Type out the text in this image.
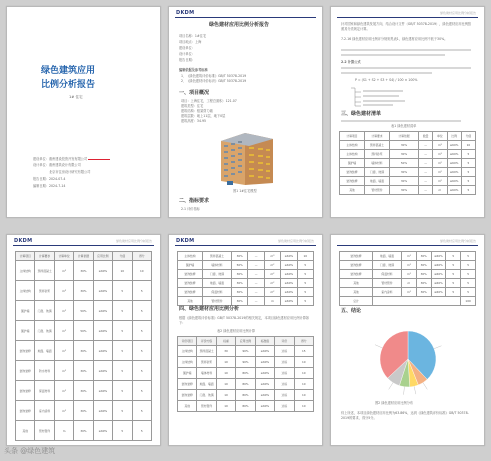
绿色建筑应用
比例分析报告
1# 住宅
建设单位：惠州建设投资开发有限公司
设计单位：惠州建筑设计有限公司
北京市住房设计研究有限公司
报告日期：2024-07-4
编制日期：2024-7-14
DKDM
绿色建材应用比例分析报告
项目名称：1#住宅
项目地点：上海
建设单位：
设计单位：
报告日期：
编制依据及参考标准
1、《绿色建筑评价标准》GB/T 50378-2019
2、《绿色建材评价标识》GB/T 50378-2019
一、项目概况
项目：上海住宅，工程总面积：121.07
建筑类型：住宅
建筑结构：框架剪力墙
建筑层数：地上11层，地下0层
建筑高度：34.95
图1 1#住宅模型
二、指标要求
2.1 评价指标
绿色建材应用比例分析报告
针对国家和绿色建筑发展方向，结合设计文件（GB/T 50378-2019），绿色建材应用比例按照其分类规定计算。
7.2.16 绿色建材应用比例评分规则见表1，绿色建材应用比例不低于30%。
2.2 计算公式
P = (S1 + S2 + S3 + S4) / 100 × 100%
三、绿色建材清单
表1 绿色建材清单
计算项目	计算要求	计算依据	数量	单位	比例	分值
主体结构	预拌混凝土	30%	—	m³	≥60%	10
主体结构	预拌砂浆	30%	—	m³	≥60%	5
围护墙	墙体材料	50%	—	m²	≥60%	5
装饰装修	门窗、玻璃	30%	—	m²	≥60%	5
装饰装修	地面、墙面	30%	—	m²	≥60%	5
其他	管材管件	30%	—	m	≥60%	5
DKDM	绿色建材应用比例分析报告
计算项目	计算要求	计算单位	计算依据	应用比例	分值	得分
主体结构	预拌混凝土	m³	30%	≥60%	10	10
主体结构	预拌砂浆	m³	30%	≥60%	5	5
围护墙	门窗、玻璃	m²	50%	≥60%	5	5
围护墙	门窗、玻璃	m²	50%	≥60%	5	5
装饰装修	地面、墙面	m²	30%	≥60%	5	5
装饰装修	防水材料	m²	30%	≥60%	5	5
装饰装修	保温材料	m²	30%	≥60%	5	5
装饰装修	室内涂料	m²	30%	≥60%	5	5
其他	管材管件	m	30%	≥60%	5	5
DKDM	绿色建材应用比例分析报告
主体结构	预拌混凝土	30%	—	m³	≥60%	10
围护墙	墙体材料	50%	—	m²	≥60%	5
装饰装修	门窗、玻璃	30%	—	m²	≥60%	5
装饰装修	地面、墙面	30%	—	m²	≥60%	5
装饰装修	保温材料	30%	—	m²	≥60%	5
其他	管材管件	30%	—	m	≥60%	5
四、绿色建材应用比例分析
根据《绿色建筑评价标准》GB/T 50378-2019的相关规定，本项目绿色建材应用比例计算如下：
表2 绿色建材应用比例计算
评价项目	评价内容	权重	应用比例	标准值	评价	得分
主体结构	预拌混凝土	30	90%	≥60%	达标	15
主体结构	预拌砂浆	10	90%	≥60%	达标	10
围护墙	墙体材料	10	80%	≥60%	达标	10
装饰装修	地面、墙面	10	80%	≥60%	达标	10
装饰装修	门窗、玻璃	10	80%	≥60%	达标	10
其他	管材管件	10	80%	≥60%	达标	10
绿色建材应用比例分析报告
装饰装修	地面、墙面	m²	30%	≥60%	5	5
装饰装修	门窗、玻璃	m²	30%	≥60%	5	5
装饰装修	保温材料	m²	30%	≥60%	5	5
其他	管材管件	m	30%	≥60%	5	5
其他	室内涂料	m²	30%	≥60%	5	5
总计						100
五、结论
图2 绿色建材应用比例分布
综上所述，本项目绿色建材应用比例为63.86%，达到《绿色建筑评价标准》GB/T 50378-2019的要求，得分5分。
头条 @绿色建筑
